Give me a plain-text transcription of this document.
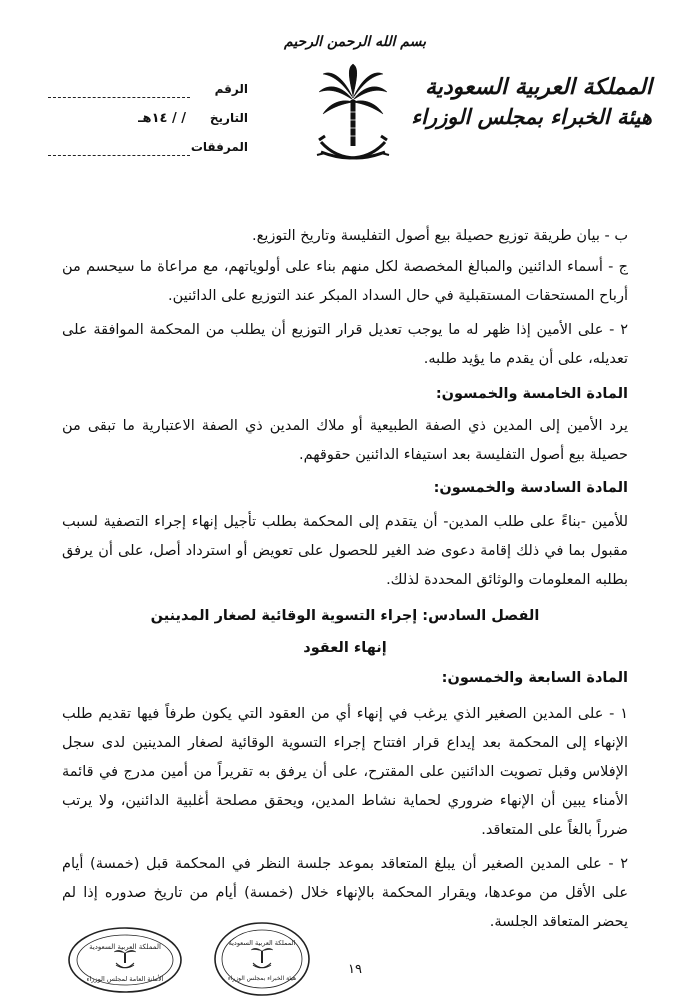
المملكة العربية السعودية
هيئة الخبراء بمجلس الوزراء
بسم الله الرحمن الرحيم
الرقم
التاريخ
/ / ١٤هـ
المرفقات
ب - بيان طريقة توزيع حصيلة بيع أصول التفليسة وتاريخ التوزيع.
ج - أسماء الدائنين والمبالغ المخصصة لكل منهم بناء على أولوياتهم، مع مراعاة ما سيحسم من أرباح المستحقات المستقبلية في حال السداد المبكر عند التوزيع على الدائنين.
٢ - على الأمين إذا ظهر له ما يوجب تعديل قرار التوزيع أن يطلب من المحكمة الموافقة على تعديله، على أن يقدم ما يؤيد طلبه.
المادة الخامسة والخمسون:
يرد الأمين إلى المدين ذي الصفة الطبيعية أو ملاك المدين ذي الصفة الاعتبارية ما تبقى من حصيلة بيع أصول التفليسة بعد استيفاء الدائنين حقوقهم.
المادة السادسة والخمسون:
للأمين -بناءً على طلب المدين- أن يتقدم إلى المحكمة بطلب تأجيل إنهاء إجراء التصفية لسبب مقبول بما في ذلك إقامة دعوى ضد الغير للحصول على تعويض أو استرداد أصل، على أن يرفق بطلبه المعلومات والوثائق المحددة لذلك.
الفصل السادس: إجراء التسوية الوقائية لصغار المدينين
إنهاء العقود
المادة السابعة والخمسون:
١ - على المدين الصغير الذي يرغب في إنهاء أي من العقود التي يكون طرفاً فيها تقديم طلب الإنهاء إلى المحكمة بعد إيداع قرار افتتاح إجراء التسوية الوقائية لصغار المدينين لدى سجل الإفلاس وقبل تصويت الدائنين على المقترح، على أن يرفق به تقريراً من أمين مدرج في قائمة الأمناء يبين أن الإنهاء ضروري لحماية نشاط المدين، ويحقق مصلحة أغلبية الدائنين، ولا يرتب ضرراً بالغاً على المتعاقد.
٢ - على المدين الصغير أن يبلغ المتعاقد بموعد جلسة النظر في المحكمة قبل (خمسة) أيام على الأقل من موعدها، ويقرار المحكمة بالإنهاء خلال (خمسة) أيام من تاريخ صدوره إذا لم يحضر المتعاقد الجلسة.
١٩
المملكة العربية السعودية
الأمانة العامة لمجلس الوزراء
المملكة العربية السعودية
هيئة الخبراء بمجلس الوزراء
